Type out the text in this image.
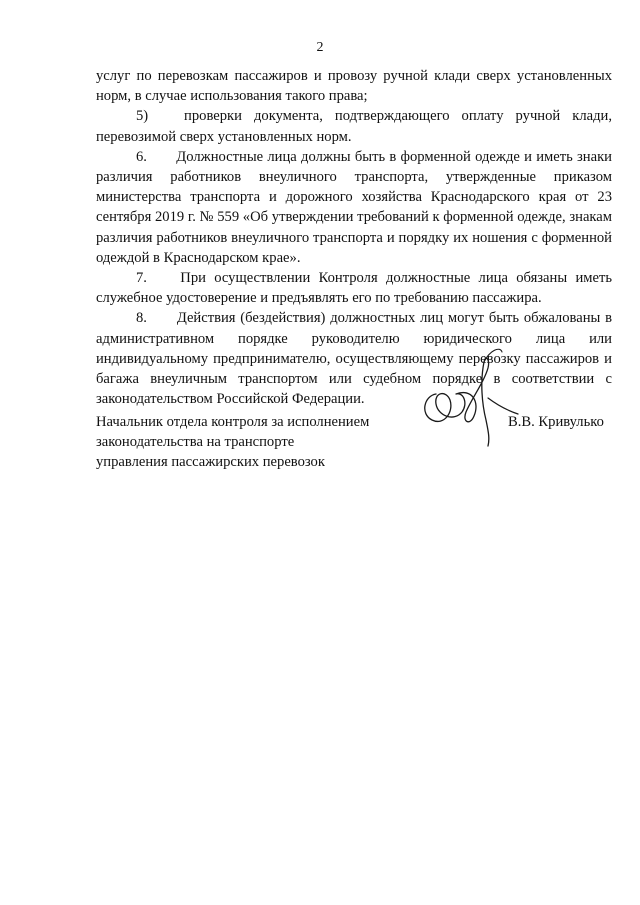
2

услуг по перевозкам пассажиров и провозу ручной клади сверх установленных норм, в случае использования такого права;

5) проверки документа, подтверждающего оплату ручной клади, перевозимой сверх установленных норм.

6. Должностные лица должны быть в форменной одежде и иметь знаки различия работников внеуличного транспорта, утвержденные приказом министерства транспорта и дорожного хозяйства Краснодарского края от 23 сентября 2019 г. № 559 «Об утверждении требований к форменной одежде, знакам различия работников внеуличного транспорта и порядку их ношения с форменной одеждой в Краснодарском крае».

7. При осуществлении Контроля должностные лица обязаны иметь служебное удостоверение и предъявлять его по требованию пассажира.

8. Действия (бездействия) должностных лиц могут быть обжалованы в административном порядке руководителю юридического лица или индивидуальному предпринимателю, осуществляющему перевозку пассажиров и багажа внеуличным транспортом или судебном порядке в соответствии с законодательством Российской Федерации.

Начальник отдела контроля за исполнением
законодательства на транспорте
управления пассажирских перевозок
В.В. Кривулько
